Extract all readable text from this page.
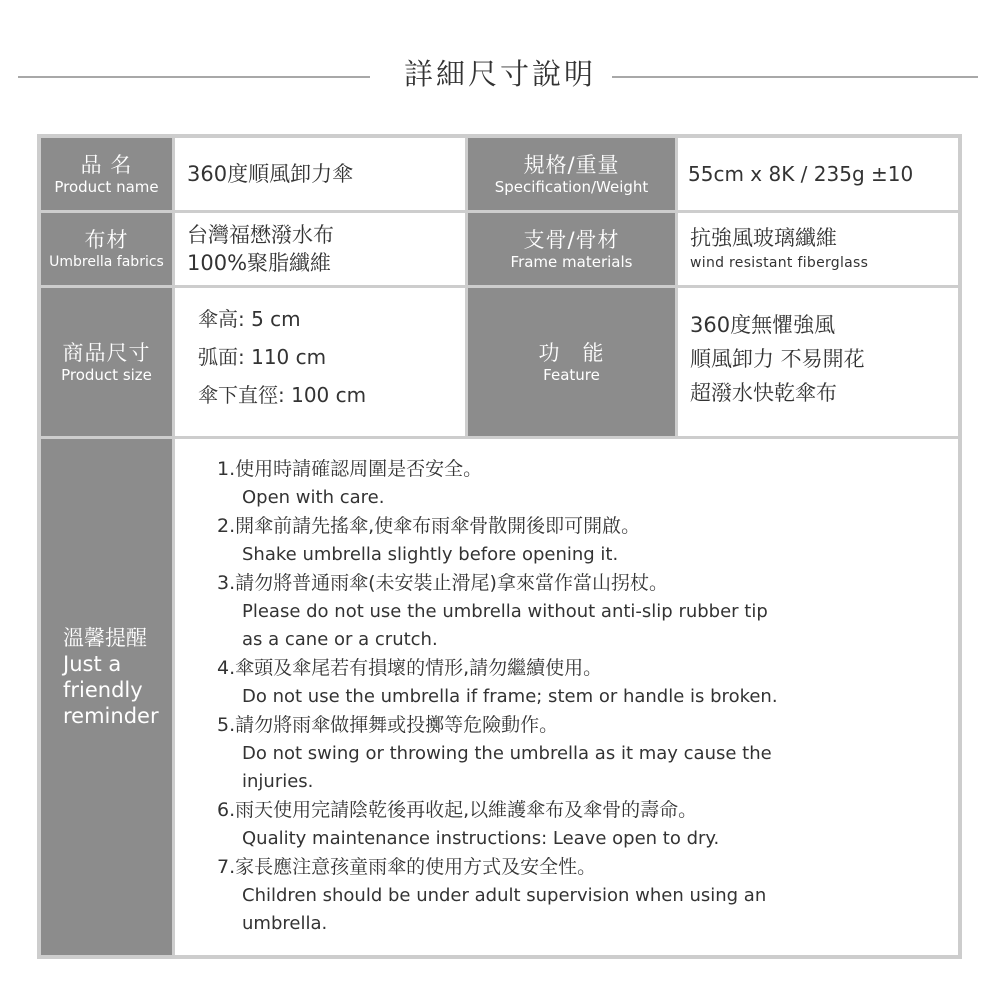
詳細尺寸說明
品 名
Product name
360度順風卸力傘	規格/重量
Specification/Weight
55cm x 8K / 235g ±10
布材
Umbrella fabrics
台灣福懋潑水布
100%聚脂纖維
支骨/骨材
Frame materials
抗強風玻璃纖維
wind resistant fiberglass
商品尺寸
Product size
傘高: 5 cm
弧面: 110 cm
傘下直徑: 100 cm
功　能
Feature
360度無懼強風
順風卸力 不易開花
超潑水快乾傘布
溫馨提醒
Just a
friendly
reminder
1.使用時請確認周圍是否安全。
Open with care.
2.開傘前請先搖傘,使傘布雨傘骨散開後即可開啟。
Shake umbrella slightly before opening it.
3.請勿將普通雨傘(未安裝止滑尾)拿來當作當山拐杖。
Please do not use the umbrella without anti-slip rubber tip
as a cane or a crutch.
4.傘頭及傘尾若有損壞的情形,請勿繼續使用。
Do not use the umbrella if frame; stem or handle is broken.
5.請勿將雨傘做揮舞或投擲等危險動作。
Do not swing or throwing the umbrella as it may cause the
injuries.
6.雨天使用完請陰乾後再收起,以維護傘布及傘骨的壽命。
Quality maintenance instructions: Leave open to dry.
7.家長應注意孩童雨傘的使用方式及安全性。
Children should be under adult supervision when using an
umbrella.
